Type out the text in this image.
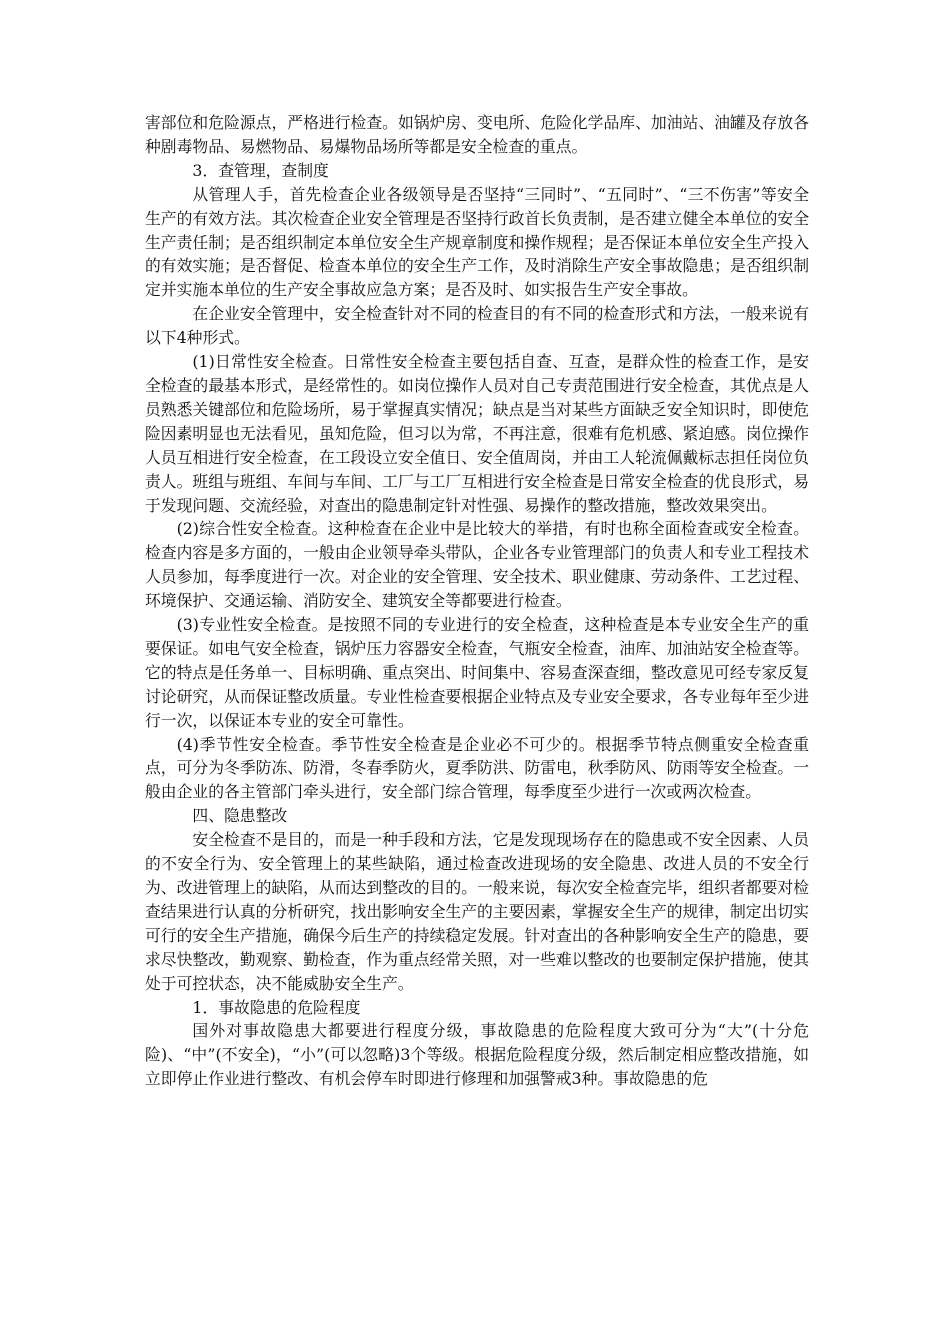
害部位和危险源点，严格进行检查。如锅炉房、变电所、危险化学品库、加油站、油罐及存放各种剧毒物品、易燃物品、易爆物品场所等都是安全检查的重点。

3．查管理，查制度

从管理人手，首先检查企业各级领导是否坚持“三同时”、“五同时”、“三不伤害”等安全生产的有效方法。其次检查企业安全管理是否坚持行政首长负责制，是否建立健全本单位的安全生产责任制；是否组织制定本单位安全生产规章制度和操作规程；是否保证本单位安全生产投入的有效实施；是否督促、检查本单位的安全生产工作，及时消除生产安全事故隐患；是否组织制定并实施本单位的生产安全事故应急方案；是否及时、如实报告生产安全事故。

在企业安全管理中，安全检查针对不同的检查目的有不同的检查形式和方法，一般来说有以下4种形式。

(1)日常性安全检查。日常性安全检查主要包括自查、互查，是群众性的检查工作，是安全检查的最基本形式，是经常性的。如岗位操作人员对自己专责范围进行安全检查，其优点是人员熟悉关键部位和危险场所，易于掌握真实情况；缺点是当对某些方面缺乏安全知识时，即使危险因素明显也无法看见，虽知危险，但习以为常，不再注意，很难有危机感、紧迫感。岗位操作人员互相进行安全检查，在工段设立安全值日、安全值周岗，并由工人轮流佩戴标志担任岗位负责人。班组与班组、车间与车间、工厂与工厂互相进行安全检查是日常安全检查的优良形式，易于发现问题、交流经验，对查出的隐患制定针对性强、易操作的整改措施，整改效果突出。

(2)综合性安全检查。这种检查在企业中是比较大的举措，有时也称全面检查或安全检查。检查内容是多方面的，一般由企业领导牵头带队，企业各专业管理部门的负责人和专业工程技术人员参加，每季度进行一次。对企业的安全管理、安全技术、职业健康、劳动条件、工艺过程、环境保护、交通运输、消防安全、建筑安全等都要进行检查。

(3)专业性安全检查。是按照不同的专业进行的安全检查，这种检查是本专业安全生产的重要保证。如电气安全检查，锅炉压力容器安全检查，气瓶安全检查，油库、加油站安全检查等。它的特点是任务单一、目标明确、重点突出、时间集中、容易查深查细，整改意见可经专家反复讨论研究，从而保证整改质量。专业性检查要根据企业特点及专业安全要求，各专业每年至少进行一次，以保证本专业的安全可靠性。

(4)季节性安全检查。季节性安全检查是企业必不可少的。根据季节特点侧重安全检查重点，可分为冬季防冻、防滑，冬春季防火，夏季防洪、防雷电，秋季防风、防雨等安全检查。一般由企业的各主管部门牵头进行，安全部门综合管理，每季度至少进行一次或两次检查。

四、隐患整改

安全检查不是目的，而是一种手段和方法，它是发现现场存在的隐患或不安全因素、人员的不安全行为、安全管理上的某些缺陷，通过检查改进现场的安全隐患、改进人员的不安全行为、改进管理上的缺陷，从而达到整改的目的。一般来说，每次安全检查完毕，组织者都要对检查结果进行认真的分析研究，找出影响安全生产的主要因素，掌握安全生产的规律，制定出切实可行的安全生产措施，确保今后生产的持续稳定发展。针对查出的各种影响安全生产的隐患，要求尽快整改，勤观察、勤检查，作为重点经常关照，对一些难以整改的也要制定保护措施，使其处于可控状态，决不能威胁安全生产。

1．事故隐患的危险程度

国外对事故隐患大都要进行程度分级，事故隐患的危险程度大致可分为“大”(十分危险)、“中”(不安全)，“小”(可以忽略)3个等级。根据危险程度分级，然后制定相应整改措施，如立即停止作业进行整改、有机会停车时即进行修理和加强警戒3种。事故隐患的危
